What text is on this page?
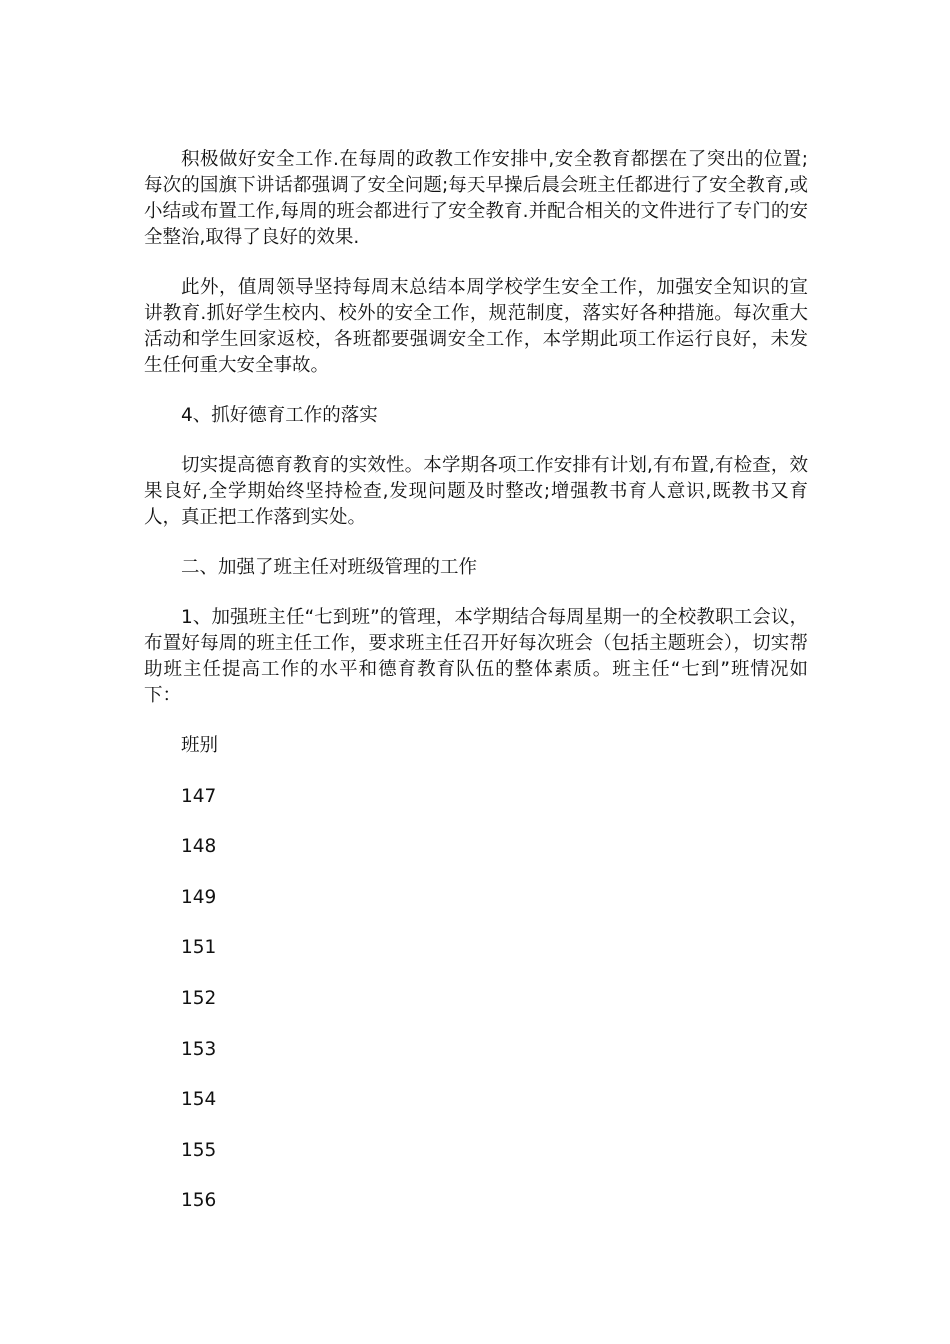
积极做好安全工作.在每周的政教工作安排中,安全教育都摆在了突出的位置;每次的国旗下讲话都强调了安全问题;每天早操后晨会班主任都进行了安全教育,或小结或布置工作,每周的班会都进行了安全教育.并配合相关的文件进行了专门的安全整治,取得了良好的效果.

此外，值周领导坚持每周末总结本周学校学生安全工作，加强安全知识的宣讲教育.抓好学生校内、校外的安全工作，规范制度，落实好各种措施。每次重大活动和学生回家返校，各班都要强调安全工作，本学期此项工作运行良好，未发生任何重大安全事故。

4、抓好德育工作的落实

切实提高德育教育的实效性。本学期各项工作安排有计划,有布置,有检查，效果良好,全学期始终坚持检查,发现问题及时整改;增强教书育人意识,既教书又育人，真正把工作落到实处。

二、加强了班主任对班级管理的工作

1、加强班主任“七到班”的管理，本学期结合每周星期一的全校教职工会议，布置好每周的班主任工作，要求班主任召开好每次班会（包括主题班会），切实帮助班主任提高工作的水平和德育教育队伍的整体素质。班主任“七到”班情况如下：

班别
147
148
149
151
152
153
154
155
156
